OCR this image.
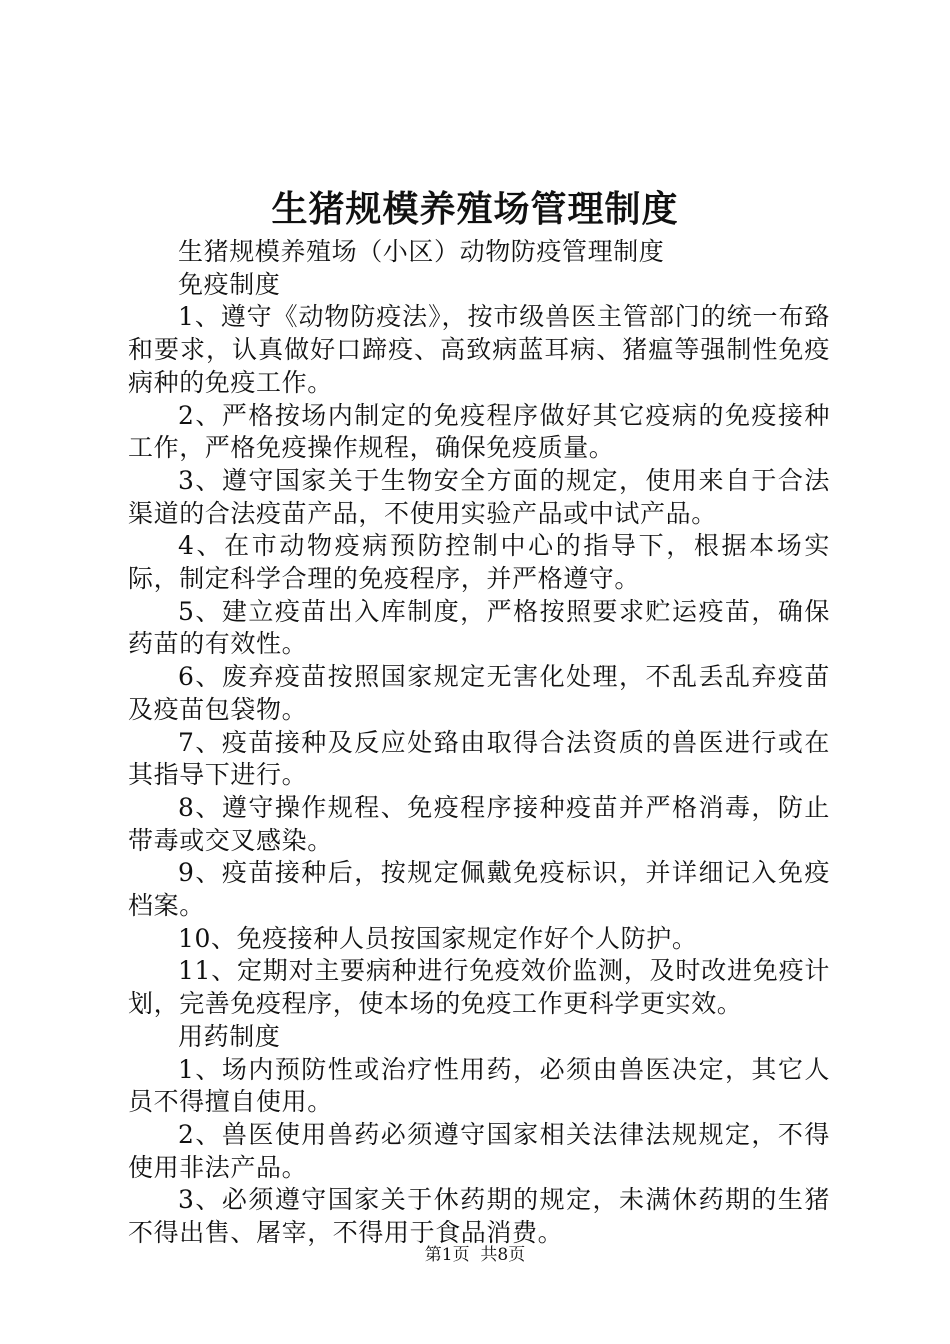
生猪规模养殖场管理制度

生猪规模养殖场（小区）动物防疫管理制度

免疫制度

1、遵守《动物防疫法》，按市级兽医主管部门的统一布臵和要求，认真做好口蹄疫、高致病蓝耳病、猪瘟等强制性免疫病种的免疫工作。

2、严格按场内制定的免疫程序做好其它疫病的免疫接种工作，严格免疫操作规程，确保免疫质量。

3、遵守国家关于生物安全方面的规定，使用来自于合法渠道的合法疫苗产品，不使用实验产品或中试产品。

4、在市动物疫病预防控制中心的指导下，根据本场实际，制定科学合理的免疫程序，并严格遵守。

5、建立疫苗出入库制度，严格按照要求贮运疫苗，确保药苗的有效性。

6、废弃疫苗按照国家规定无害化处理，不乱丢乱弃疫苗及疫苗包袋物。

7、疫苗接种及反应处臵由取得合法资质的兽医进行或在其指导下进行。

8、遵守操作规程、免疫程序接种疫苗并严格消毒，防止带毒或交叉感染。

9、疫苗接种后，按规定佩戴免疫标识，并详细记入免疫档案。

10、免疫接种人员按国家规定作好个人防护。

11、定期对主要病种进行免疫效价监测，及时改进免疫计划，完善免疫程序，使本场的免疫工作更科学更实效。

用药制度

1、场内预防性或治疗性用药，必须由兽医决定，其它人员不得擅自使用。

2、兽医使用兽药必须遵守国家相关法律法规规定，不得使用非法产品。

3、必须遵守国家关于休药期的规定，未满休药期的生猪不得出售、屠宰，不得用于食品消费。

第1页 共8页
